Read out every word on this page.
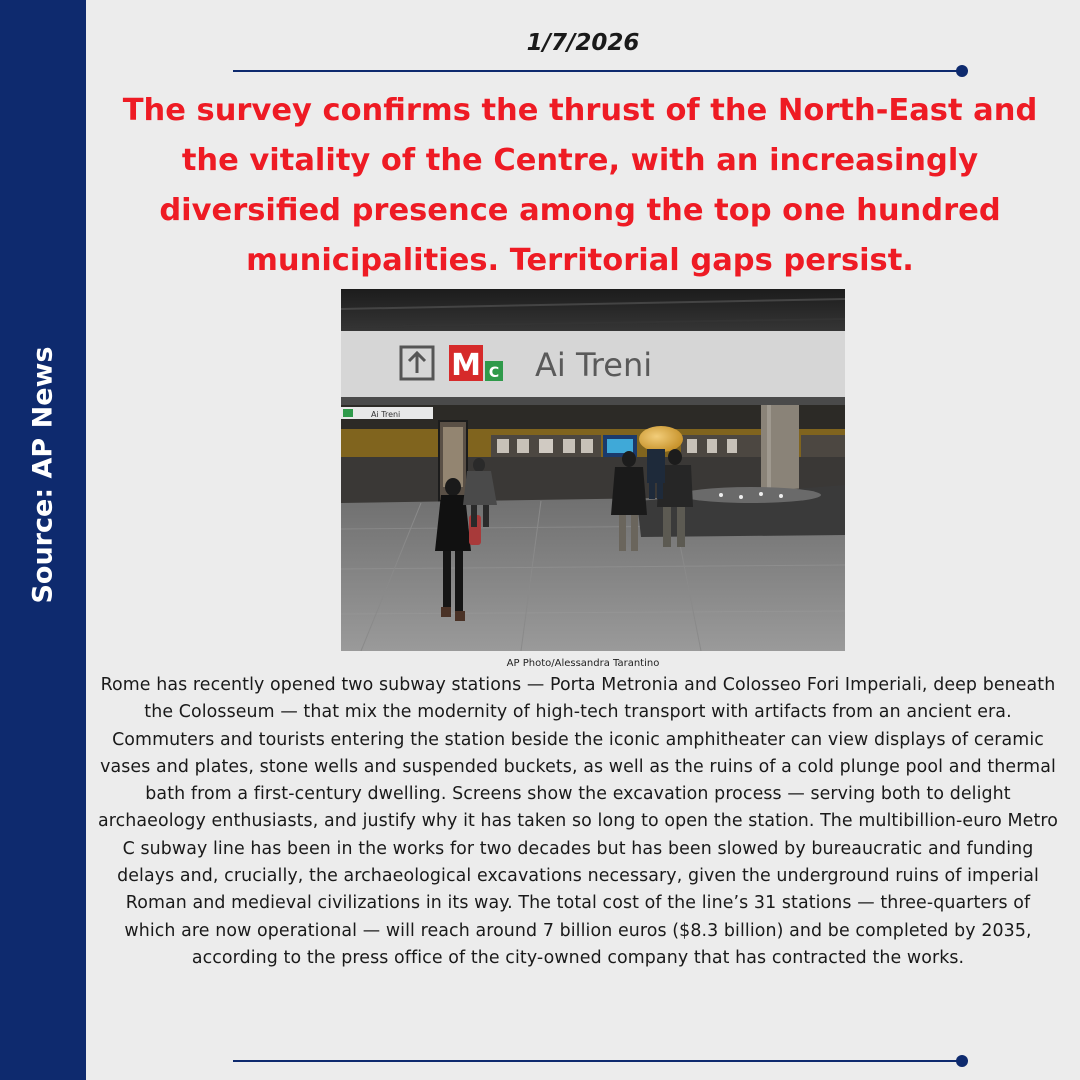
Source: AP News
1/7/2026
The survey confirms the thrust of the North-East and the vitality of the Centre, with an increasingly diversified presence among the top one hundred municipalities. Territorial gaps persist.
M C Ai Treni
Ai Treni
AP Photo/Alessandra Tarantino

Rome has recently opened two subway stations — Porta Metronia and Colosseo Fori Imperiali, deep beneath the Colosseum — that mix the modernity of high-tech transport with artifacts from an ancient era. Commuters and tourists entering the station beside the iconic amphitheater can view displays of ceramic vases and plates, stone wells and suspended buckets, as well as the ruins of a cold plunge pool and thermal bath from a first-century dwelling. Screens show the excavation process — serving both to delight archaeology enthusiasts, and justify why it has taken so long to open the station. The multibillion-euro Metro C subway line has been in the works for two decades but has been slowed by bureaucratic and funding delays and, crucially, the archaeological excavations necessary, given the underground ruins of imperial Roman and medieval civilizations in its way. The total cost of the line’s 31 stations — three-quarters of which are now operational — will reach around 7 billion euros ($8.3 billion) and be completed by 2035, according to the press office of the city-owned company that has contracted the works.
